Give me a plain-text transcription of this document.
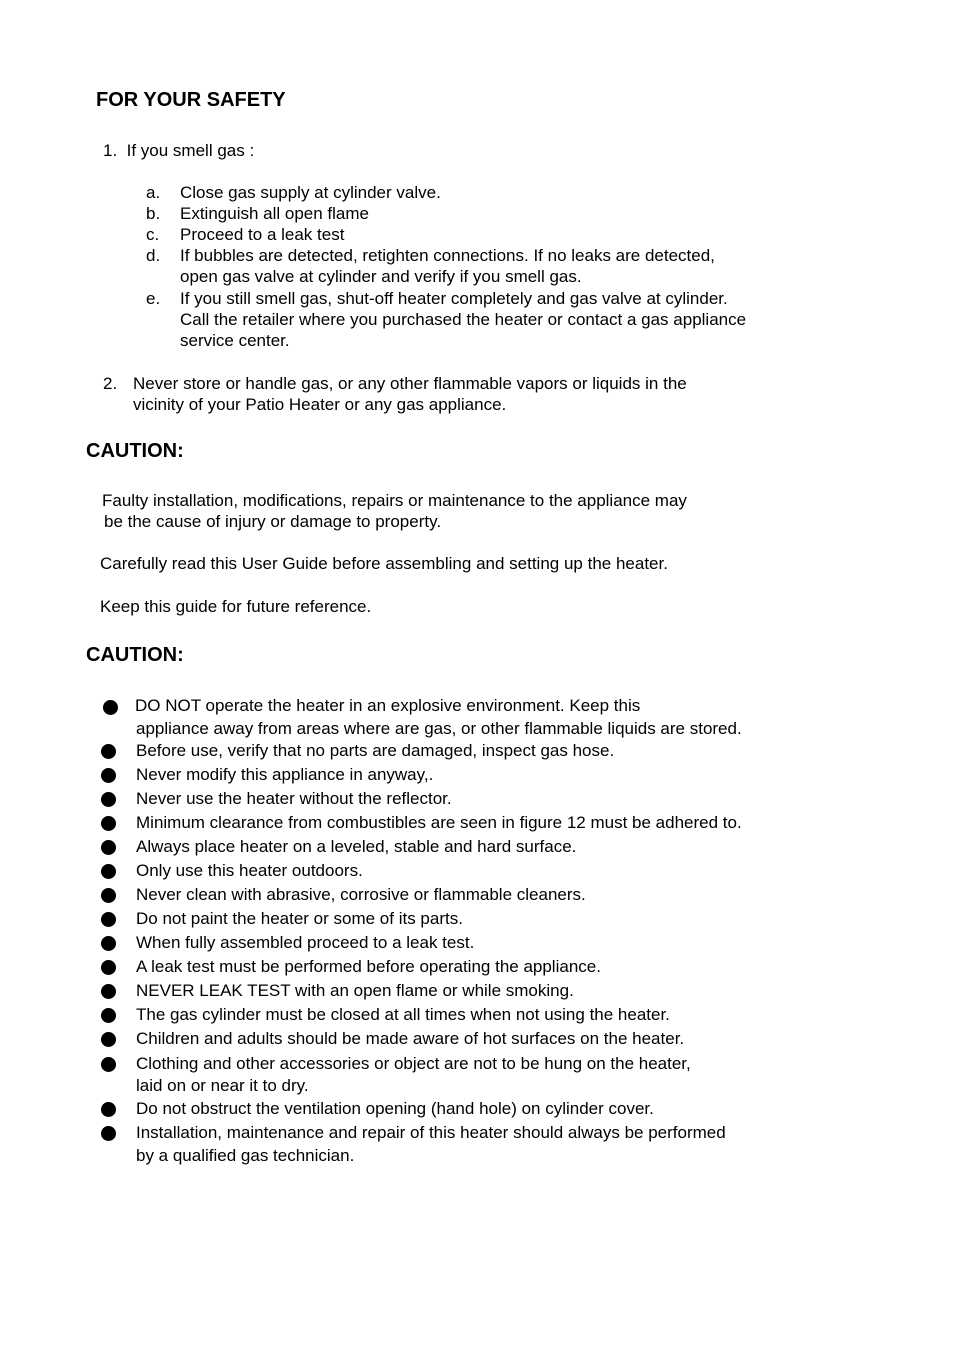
FOR YOUR SAFETY
1.  If you smell gas :
a. Close gas supply at cylinder valve.
b. Extinguish all open flame
c. Proceed to a leak test
d. If bubbles are detected, retighten connections. If no leaks are detected,
open gas valve at cylinder and verify if you smell gas.
e. If you still smell gas, shut-off heater completely and gas valve at cylinder.
Call the retailer where you purchased the heater or contact a gas appliance
service center.
2. Never store or handle gas, or any other flammable vapors or liquids in the
vicinity of your Patio Heater or any gas appliance.
CAUTION:
Faulty installation, modifications, repairs or maintenance to the appliance may
be the cause of injury or damage to property.
Carefully read this User Guide before assembling and setting up the heater.
Keep this guide for future reference.
CAUTION:
DO NOT operate the heater in an explosive environment. Keep this
appliance away from areas where are gas, or other flammable liquids are stored.
Before use, verify that no parts are damaged, inspect gas hose.
Never modify this appliance in anyway,.
Never use the heater without the reflector.
Minimum clearance from combustibles are seen in figure 12 must be adhered to.
Always place heater on a leveled, stable and hard surface.
Only use this heater outdoors.
Never clean with abrasive, corrosive or flammable cleaners.
Do not paint the heater or some of its parts.
When fully assembled proceed to a leak test.
A leak test must be performed before operating the appliance.
NEVER LEAK TEST with an open flame or while smoking.
The gas cylinder must be closed at all times when not using the heater.
Children and adults should be made aware of hot surfaces on the heater.
Clothing and other accessories or object are not to be hung on the heater,
laid on or near it to dry.
Do not obstruct the ventilation opening (hand hole) on cylinder cover.
Installation, maintenance and repair of this heater should always be performed
by a qualified gas technician.
